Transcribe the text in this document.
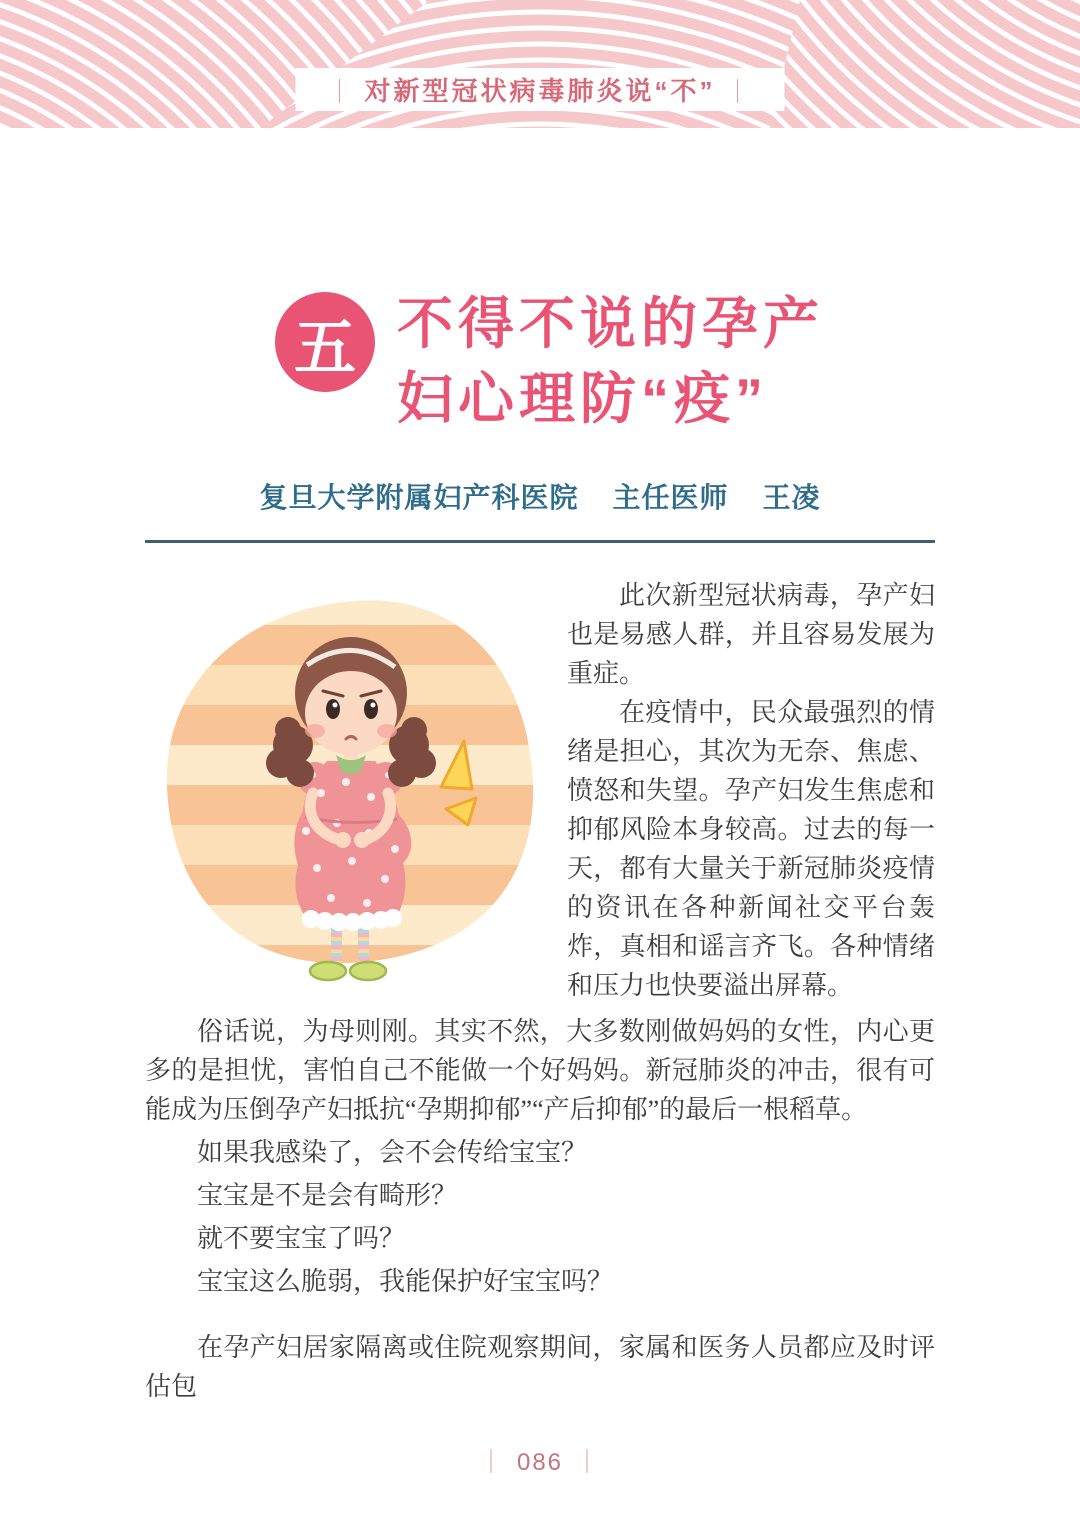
｜ 对新型冠状病毒肺炎说“不” ｜
五 不得不说的孕产
妇心理防“疫”
复旦大学附属妇产科医院 主任医师 王凌

此次新型冠状病毒，孕产妇也是易感人群，并且容易发展为重症。

在疫情中，民众最强烈的情绪是担心，其次为无奈、焦虑、愤怒和失望。孕产妇发生焦虑和抑郁风险本身较高。过去的每一天，都有大量关于新冠肺炎疫情的资讯在各种新闻社交平台轰炸，真相和谣言齐飞。各种情绪和压力也快要溢出屏幕。

俗话说，为母则刚。其实不然，大多数刚做妈妈的女性，内心更多的是担忧，害怕自己不能做一个好妈妈。新冠肺炎的冲击，很有可能成为压倒孕产妇抵抗“孕期抑郁”“产后抑郁”的最后一根稻草。

如果我感染了，会不会传给宝宝？

宝宝是不是会有畸形？

就不要宝宝了吗？

宝宝这么脆弱，我能保护好宝宝吗？

在孕产妇居家隔离或住院观察期间，家属和医务人员都应及时评估包

｜ 086 ｜
